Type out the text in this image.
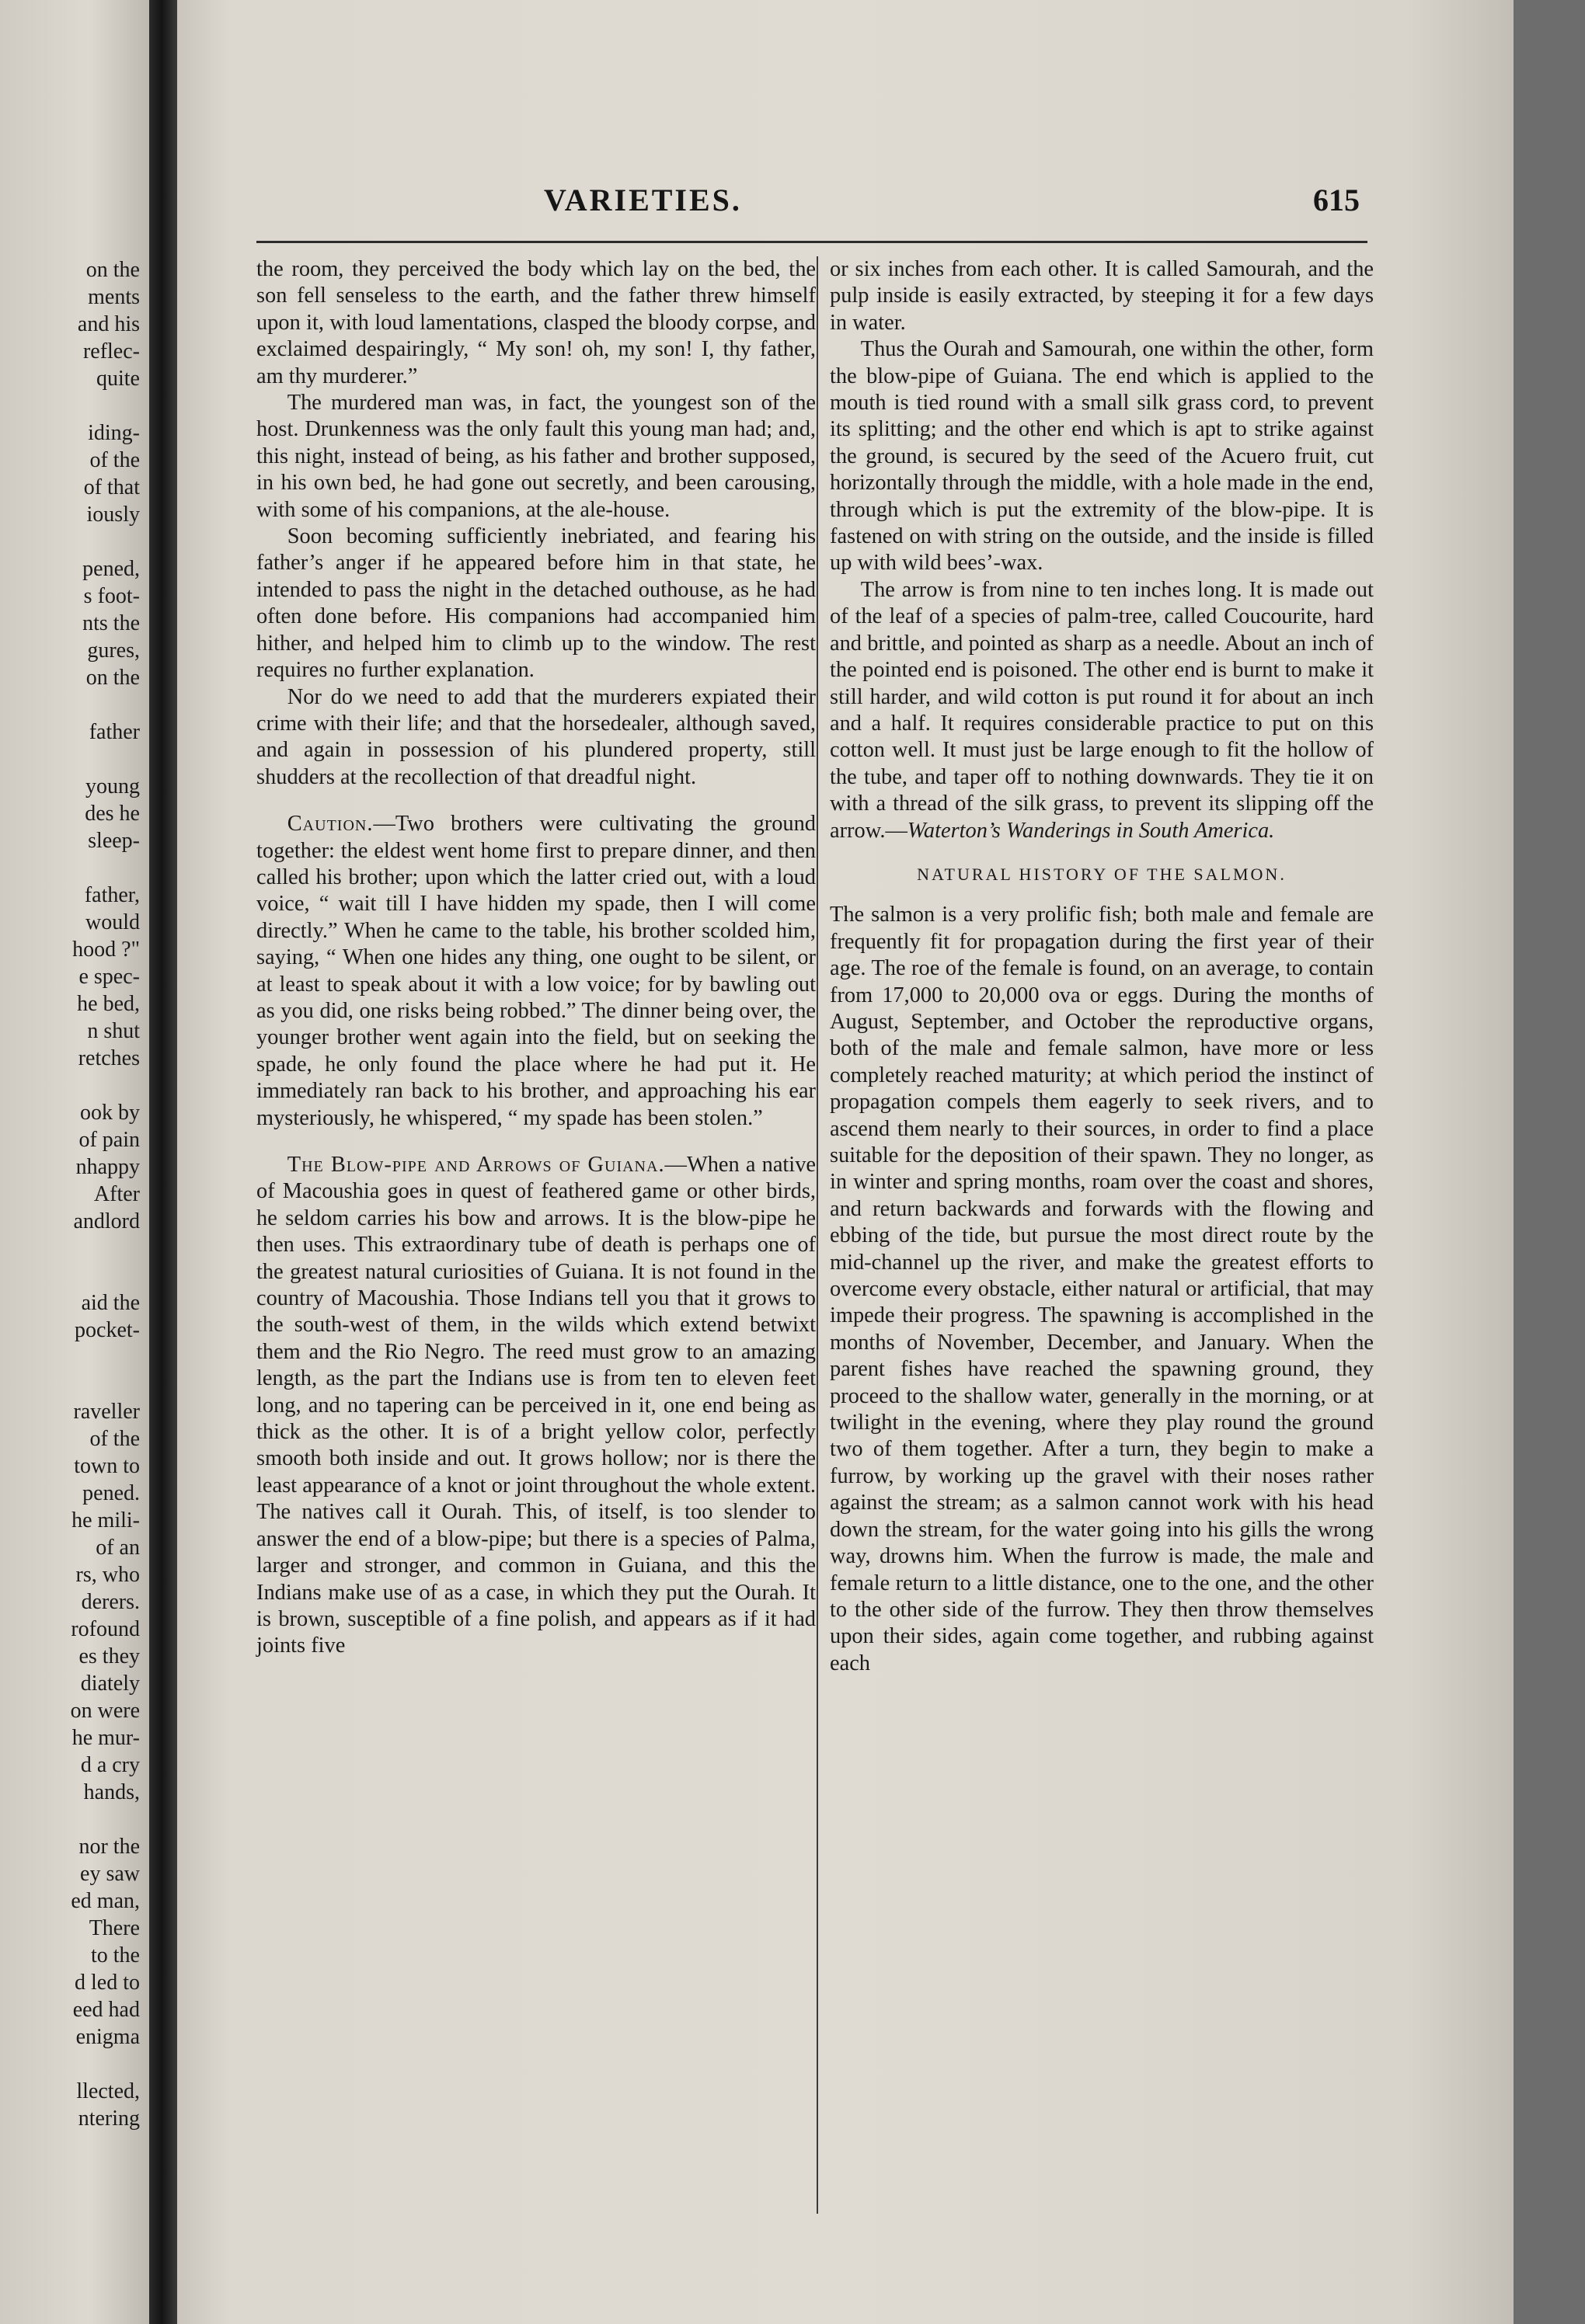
on the
ments
and his
reflec-
quite
iding-
of the
of that
iously
pened,
s foot-
nts the
gures,
on the
father
young
des he
sleep-
father,
would
hood ?"
e spec-
he bed,
n shut
retches
ook by
of pain
nhappy
After
andlord
aid the
pocket-
raveller
of the
town to
pened.
he mili-
of an
rs, who
derers.
rofound
es they
diately
on were
he mur-
d a cry
hands,
nor the
ey saw
ed man,
There
to the
d led to
eed had
enigma
llected,
ntering
VARIETIES.	615

the room, they perceived the body which lay on the bed, the son fell senseless to the earth, and the father threw himself upon it, with loud lamentations, clasped the bloody corpse, and exclaimed despairingly, “ My son! oh, my son! I, thy father, am thy murderer.”

The murdered man was, in fact, the youngest son of the host. Drunkenness was the only fault this young man had; and, this night, instead of being, as his father and brother supposed, in his own bed, he had gone out secretly, and been carousing, with some of his companions, at the ale-house.

Soon becoming sufficiently inebriated, and fearing his father’s anger if he appeared before him in that state, he intended to pass the night in the detached outhouse, as he had often done before. His companions had accompanied him hither, and helped him to climb up to the window. The rest requires no further explanation.

Nor do we need to add that the murderers expiated their crime with their life; and that the horsedealer, although saved, and again in possession of his plundered property, still shudders at the recollection of that dreadful night.

Caution.—Two brothers were cultivating the ground together: the eldest went home first to prepare dinner, and then called his brother; upon which the latter cried out, with a loud voice, “ wait till I have hidden my spade, then I will come directly.” When he came to the table, his brother scolded him, saying, “ When one hides any thing, one ought to be silent, or at least to speak about it with a low voice; for by bawling out as you did, one risks being robbed.” The dinner being over, the younger brother went again into the field, but on seeking the spade, he only found the place where he had put it. He immediately ran back to his brother, and approaching his ear mysteriously, he whispered, “ my spade has been stolen.”

The Blow-pipe and Arrows of Guiana.—When a native of Macoushia goes in quest of feathered game or other birds, he seldom carries his bow and arrows. It is the blow-pipe he then uses. This extraordinary tube of death is perhaps one of the greatest natural curiosities of Guiana. It is not found in the country of Macoushia. Those Indians tell you that it grows to the south-west of them, in the wilds which extend betwixt them and the Rio Negro. The reed must grow to an amazing length, as the part the Indians use is from ten to eleven feet long, and no tapering can be perceived in it, one end being as thick as the other. It is of a bright yellow color, perfectly smooth both inside and out. It grows hollow; nor is there the least appearance of a knot or joint throughout the whole extent. The natives call it Ourah. This, of itself, is too slender to answer the end of a blow-pipe; but there is a species of Palma, larger and stronger, and common in Guiana, and this the Indians make use of as a case, in which they put the Ourah. It is brown, susceptible of a fine polish, and appears as if it had joints five

or six inches from each other. It is called Samourah, and the pulp inside is easily extracted, by steeping it for a few days in water.

Thus the Ourah and Samourah, one within the other, form the blow-pipe of Guiana. The end which is applied to the mouth is tied round with a small silk grass cord, to prevent its splitting; and the other end which is apt to strike against the ground, is secured by the seed of the Acuero fruit, cut horizontally through the middle, with a hole made in the end, through which is put the extremity of the blow-pipe. It is fastened on with string on the outside, and the inside is filled up with wild bees’-wax.

The arrow is from nine to ten inches long. It is made out of the leaf of a species of palm-tree, called Coucourite, hard and brittle, and pointed as sharp as a needle. About an inch of the pointed end is poisoned. The other end is burnt to make it still harder, and wild cotton is put round it for about an inch and a half. It requires considerable practice to put on this cotton well. It must just be large enough to fit the hollow of the tube, and taper off to nothing downwards. They tie it on with a thread of the silk grass, to prevent its slipping off the arrow.—Waterton’s Wanderings in South America.

NATURAL HISTORY OF THE SALMON.

The salmon is a very prolific fish; both male and female are frequently fit for propagation during the first year of their age. The roe of the female is found, on an average, to contain from 17,000 to 20,000 ova or eggs. During the months of August, September, and October the reproductive organs, both of the male and female salmon, have more or less completely reached maturity; at which period the instinct of propagation compels them eagerly to seek rivers, and to ascend them nearly to their sources, in order to find a place suitable for the deposition of their spawn. They no longer, as in winter and spring months, roam over the coast and shores, and return backwards and forwards with the flowing and ebbing of the tide, but pursue the most direct route by the mid-channel up the river, and make the greatest efforts to overcome every obstacle, either natural or artificial, that may impede their progress. The spawning is accomplished in the months of November, December, and January. When the parent fishes have reached the spawning ground, they proceed to the shallow water, generally in the morning, or at twilight in the evening, where they play round the ground two of them together. After a turn, they begin to make a furrow, by working up the gravel with their noses rather against the stream; as a salmon cannot work with his head down the stream, for the water going into his gills the wrong way, drowns him. When the furrow is made, the male and female return to a little distance, one to the one, and the other to the other side of the furrow. They then throw themselves upon their sides, again come together, and rubbing against each
